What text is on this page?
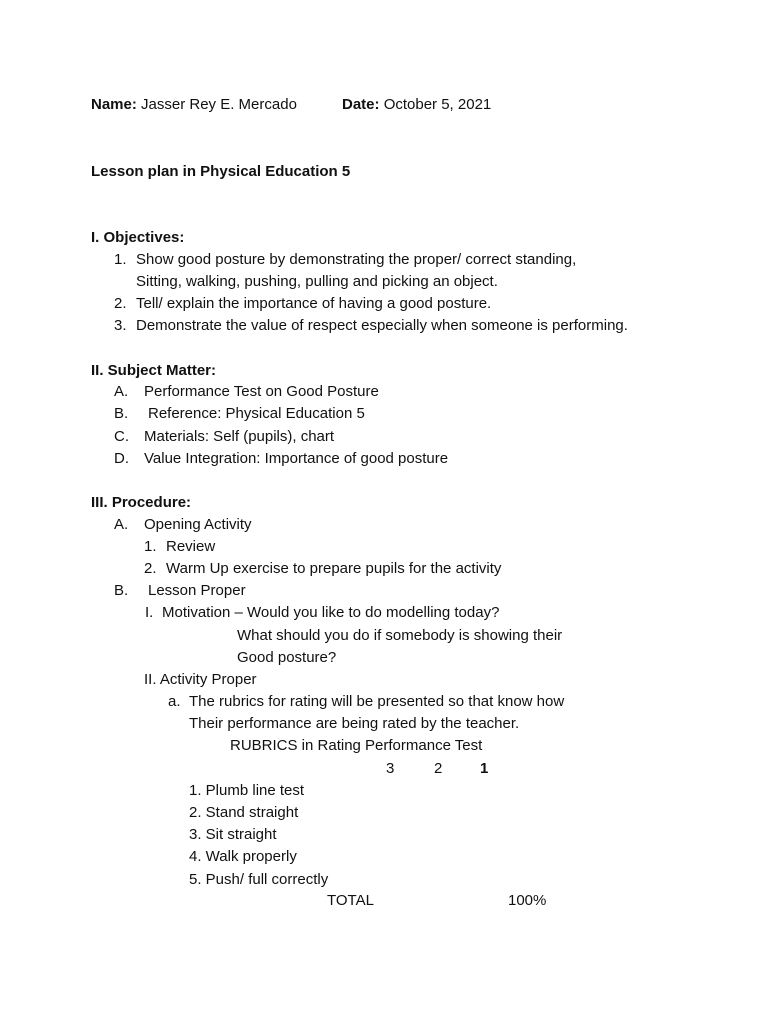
Name: Jasser Rey E. Mercado	Date: October 5, 2021
Lesson plan in Physical Education 5
I. Objectives:
1. Show good posture by demonstrating the proper/ correct standing,
Sitting, walking, pushing, pulling and picking an object.
2. Tell/ explain the importance of having a good posture.
3. Demonstrate the value of respect especially when someone is performing.
II. Subject Matter:
A. Performance Test on Good Posture
B. Reference: Physical Education 5
C. Materials: Self (pupils), chart
D. Value Integration: Importance of good posture
III. Procedure:
A. Opening Activity
1. Review
2. Warm Up exercise to prepare pupils for the activity
B. Lesson Proper
I. Motivation – Would you like to do modelling today?
What should you do if somebody is showing their
Good posture?
II. Activity Proper
a. The rubrics for rating will be presented so that know how
Their performance are being rated by the teacher.
RUBRICS in Rating Performance Test
3	2	1
1. Plumb line test
2. Stand straight
3. Sit straight
4. Walk properly
5. Push/ full correctly
TOTAL	100%
